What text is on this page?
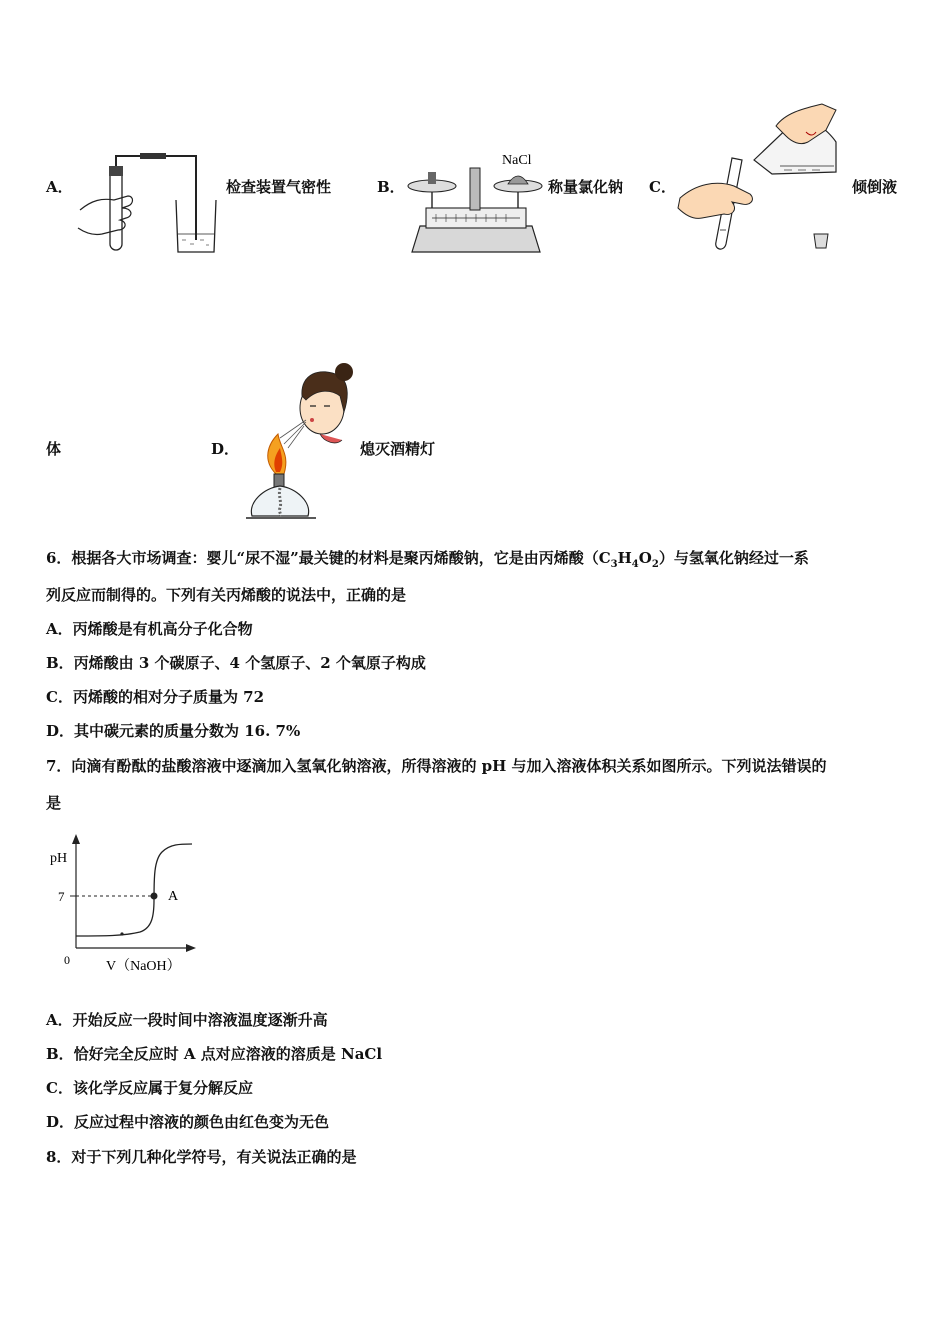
A．	检查装置气密性	B．
NaCl
称量氯化钠 C．	倾倒液
体	D．	熄灭酒精灯
6．根据各大市场调查：婴儿“尿不湿”最关键的材料是聚丙烯酸钠，它是由丙烯酸$(C_3H_4O_2)$与氢氧化钠经过一系
列反应而制得的。下列有关丙烯酸的说法中，正确的是
A．丙烯酸是有机高分子化合物
B．丙烯酸由 3 个碳原子、4 个氢原子、2 个氧原子构成
C．丙烯酸的相对分子质量为 72
D．其中碳元素的质量分数为 16. 7%
7．向滴有酚酞的盐酸溶液中逐滴加入氢氧化钠溶液，所得溶液的 pH 与加入溶液体积关系如图所示。下列说法错误的
是
pH
7	A
0	V（NaOH）
A．开始反应一段时间中溶液温度逐渐升高
B．恰好完全反应时 A 点对应溶液的溶质是 NaCl
C．该化学反应属于复分解反应
D．反应过程中溶液的颜色由红色变为无色
8．对于下列几种化学符号，有关说法正确的是
